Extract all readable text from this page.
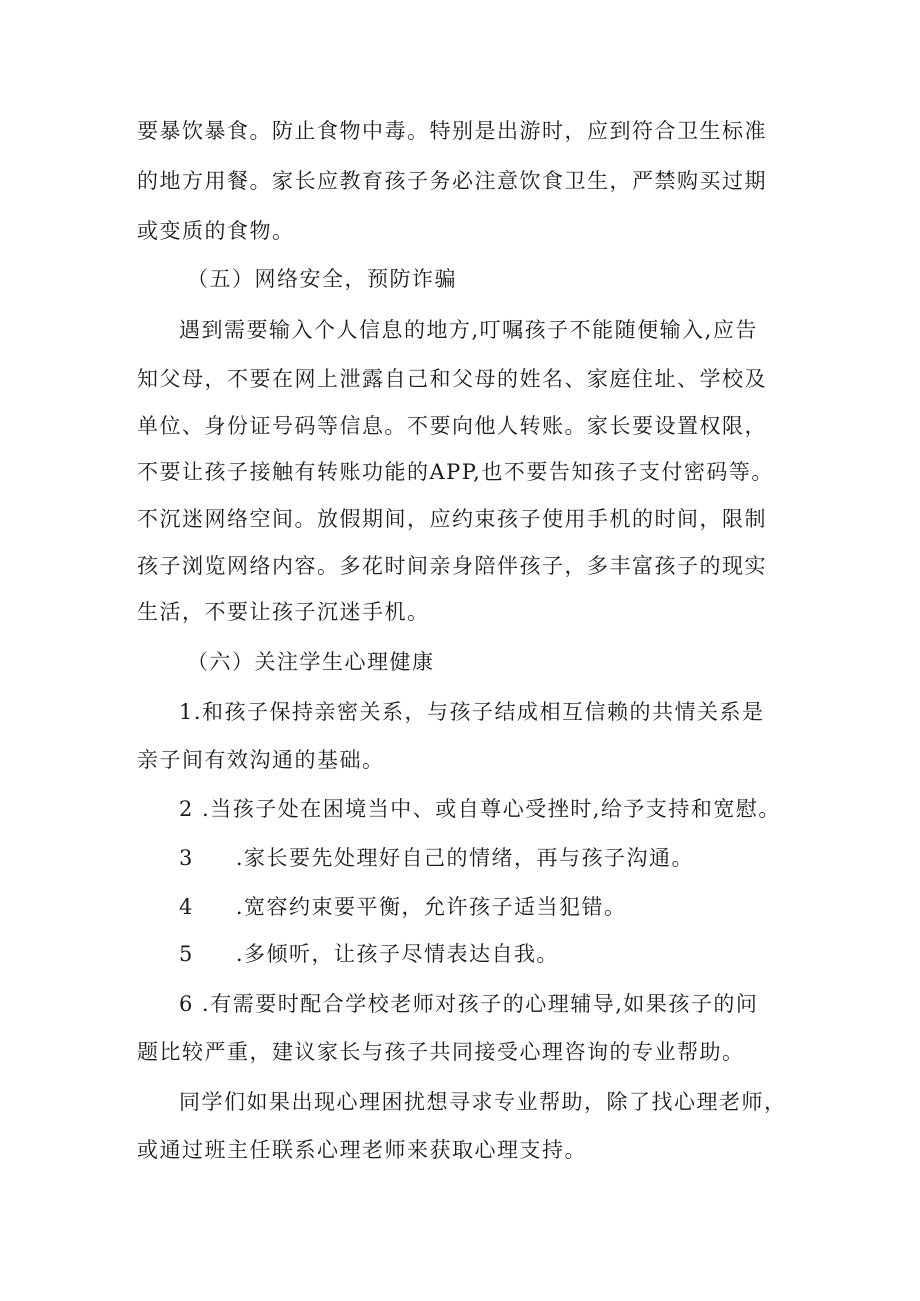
要暴饮暴食。防止食物中毒。特别是出游时，应到符合卫生标准

的地方用餐。家长应教育孩子务必注意饮食卫生，严禁购买过期

或变质的食物。

（五）网络安全，预防诈骗

遇到需要输入个人信息的地方,叮嘱孩子不能随便输入,应告

知父母，不要在网上泄露自己和父母的姓名、家庭住址、学校及

单位、身份证号码等信息。不要向他人转账。家长要设置权限，

不要让孩子接触有转账功能的APP,也不要告知孩子支付密码等。

不沉迷网络空间。放假期间，应约束孩子使用手机的时间，限制

孩子浏览网络内容。多花时间亲身陪伴孩子，多丰富孩子的现实

生活，不要让孩子沉迷手机。

（六）关注学生心理健康

1.和孩子保持亲密关系，与孩子结成相互信赖的共情关系是

亲子间有效沟通的基础。

2 .当孩子处在困境当中、或自尊心受挫时,给予支持和宽慰。

3 .家长要先处理好自己的情绪，再与孩子沟通。

4 .宽容约束要平衡，允许孩子适当犯错。

5 .多倾听，让孩子尽情表达自我。

6 .有需要时配合学校老师对孩子的心理辅导,如果孩子的问

题比较严重，建议家长与孩子共同接受心理咨询的专业帮助。

同学们如果出现心理困扰想寻求专业帮助，除了找心理老师，

或通过班主任联系心理老师来获取心理支持。
